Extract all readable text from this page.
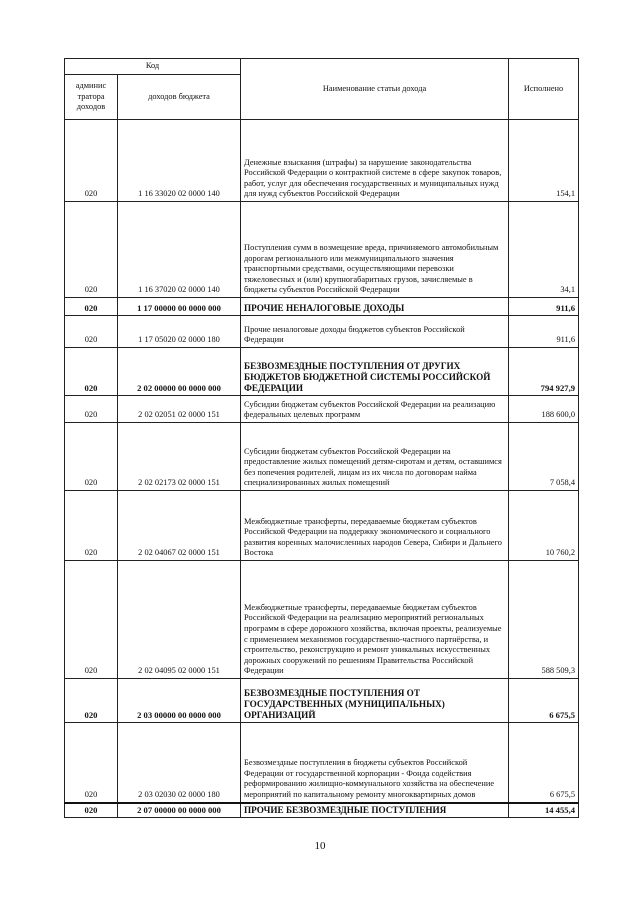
Код		Наименование статьи дохода	Исполнено
админис тратора доходов	доходов бюджета		
020	1 16 33020 02 0000 140	Денежные взыскания (штрафы) за нарушение законодательства Российской Федерации о контрактной системе в сфере закупок товаров, работ, услуг для обеспечения государственных и муниципальных нужд для нужд субъектов Российской Федерации	154,1
020	1 16 37020 02 0000 140	Поступления сумм в возмещение вреда, причиняемого автомобильным дорогам регионального или межмуниципального значения транспортными средствами, осуществляющими перевозки тяжеловесных и (или) крупногабаритных грузов, зачисляемые в бюджеты субъектов Российской Федерации	34,1
020	1 17 00000 00 0000 000	ПРОЧИЕ НЕНАЛОГОВЫЕ ДОХОДЫ	911,6
020	1 17 05020 02 0000 180	Прочие неналоговые доходы бюджетов субъектов Российской Федерации	911,6
020	2 02 00000 00 0000 000	БЕЗВОЗМЕЗДНЫЕ ПОСТУПЛЕНИЯ ОТ ДРУГИХ БЮДЖЕТОВ БЮДЖЕТНОЙ СИСТЕМЫ РОССИЙСКОЙ ФЕДЕРАЦИИ	794 927,9
020	2 02 02051 02 0000 151	Субсидии бюджетам субъектов Российской Федерации на реализацию федеральных целевых программ	188 600,0
020	2 02 02173 02 0000 151	Субсидии бюджетам субъектов Российской Федерации на предоставление жилых помещений детям-сиротам и детям, оставшимся без попечения родителей, лицам из их числа по договорам найма специализированных жилых помещений	7 058,4
020	2 02 04067 02 0000 151	Межбюджетные трансферты, передаваемые бюджетам субъектов Российской Федерации на поддержку экономического и социального развития коренных малочисленных народов Севера, Сибири и Дальнего Востока	10 760,2
020	2 02 04095 02 0000 151	Межбюджетные трансферты, передаваемые бюджетам субъектов Российской Федерации на реализацию мероприятий региональных программ в сфере дорожного хозяйства, включая проекты, реализуемые с применением механизмов государственно-частного партнёрства, и строительство, реконструкцию и ремонт уникальных искусственных дорожных сооружений по решениям Правительства Российской Федерации	588 509,3
020	2 03 00000 00 0000 000	БЕЗВОЗМЕЗДНЫЕ ПОСТУПЛЕНИЯ ОТ ГОСУДАРСТВЕННЫХ (МУНИЦИПАЛЬНЫХ) ОРГАНИЗАЦИЙ	6 675,5
020	2 03 02030 02 0000 180	Безвозмездные поступления в бюджеты субъектов Российской Федерации от государственной корпорации - Фонда содействия реформированию жилищно-коммунального хозяйства на обеспечение мероприятий по капитальному ремонту многоквартирных домов	6 675,5
020	2 07 00000 00 0000 000	ПРОЧИЕ БЕЗВОЗМЕЗДНЫЕ ПОСТУПЛЕНИЯ	14 455,4
10
